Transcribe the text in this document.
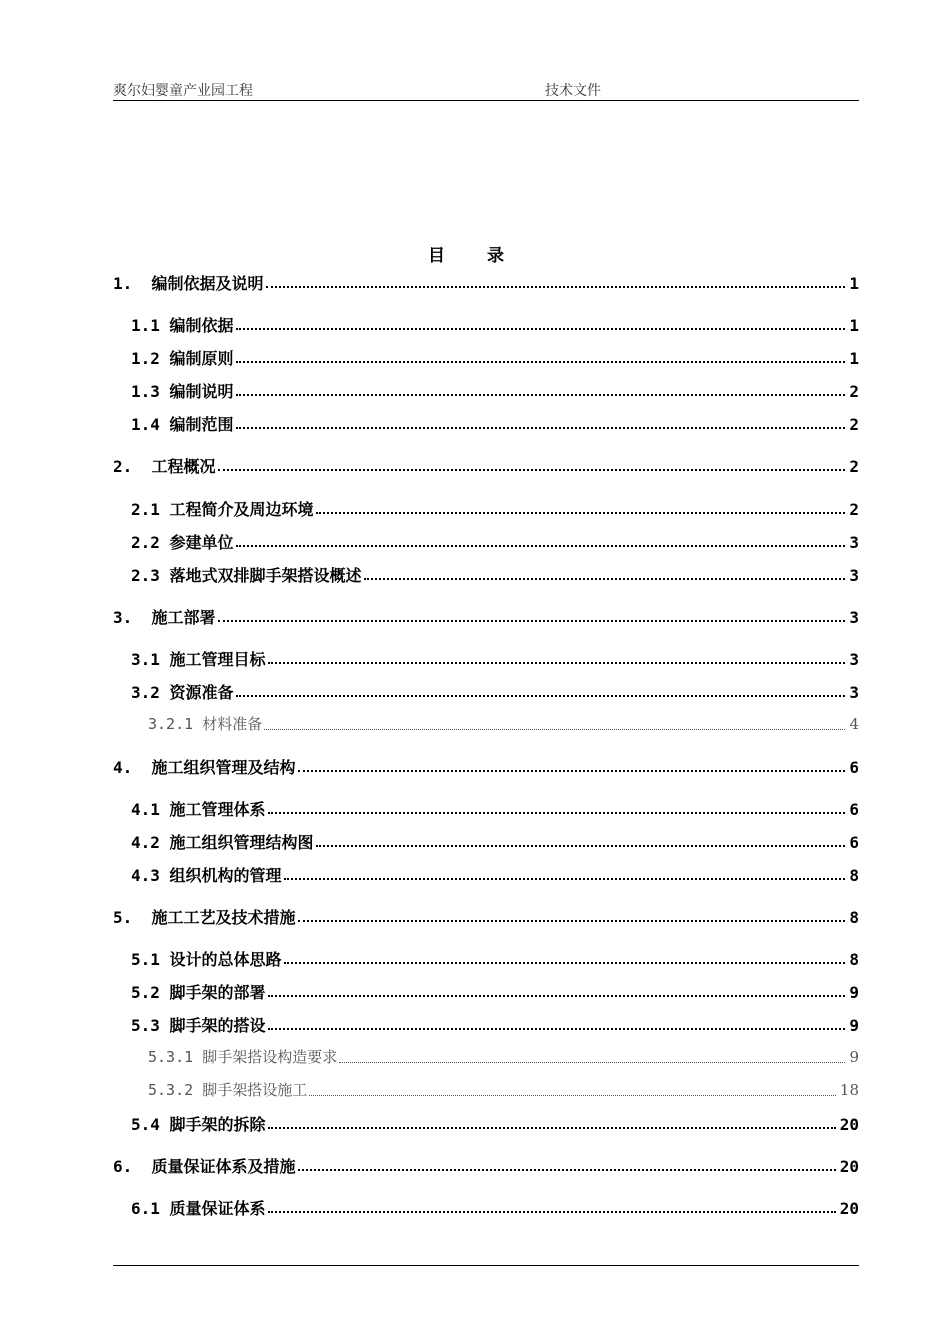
爽尔妇婴童产业园工程	技术文件
目 录
1. 编制依据及说明	1
1.1 编制依据	1
1.2 编制原则	1
1.3 编制说明	2
1.4 编制范围	2
2. 工程概况	2
2.1 工程简介及周边环境	2
2.2 参建单位	3
2.3 落地式双排脚手架搭设概述	3
3. 施工部署	3
3.1 施工管理目标	3
3.2 资源准备	3
3.2.1 材料准备	4
4. 施工组织管理及结构	6
4.1 施工管理体系	6
4.2 施工组织管理结构图	6
4.3 组织机构的管理	8
5. 施工工艺及技术措施	8
5.1 设计的总体思路	8
5.2 脚手架的部署	9
5.3 脚手架的搭设	9
5.3.1 脚手架搭设构造要求	9
5.3.2 脚手架搭设施工	18
5.4 脚手架的拆除	20
6. 质量保证体系及措施	20
6.1 质量保证体系	20
